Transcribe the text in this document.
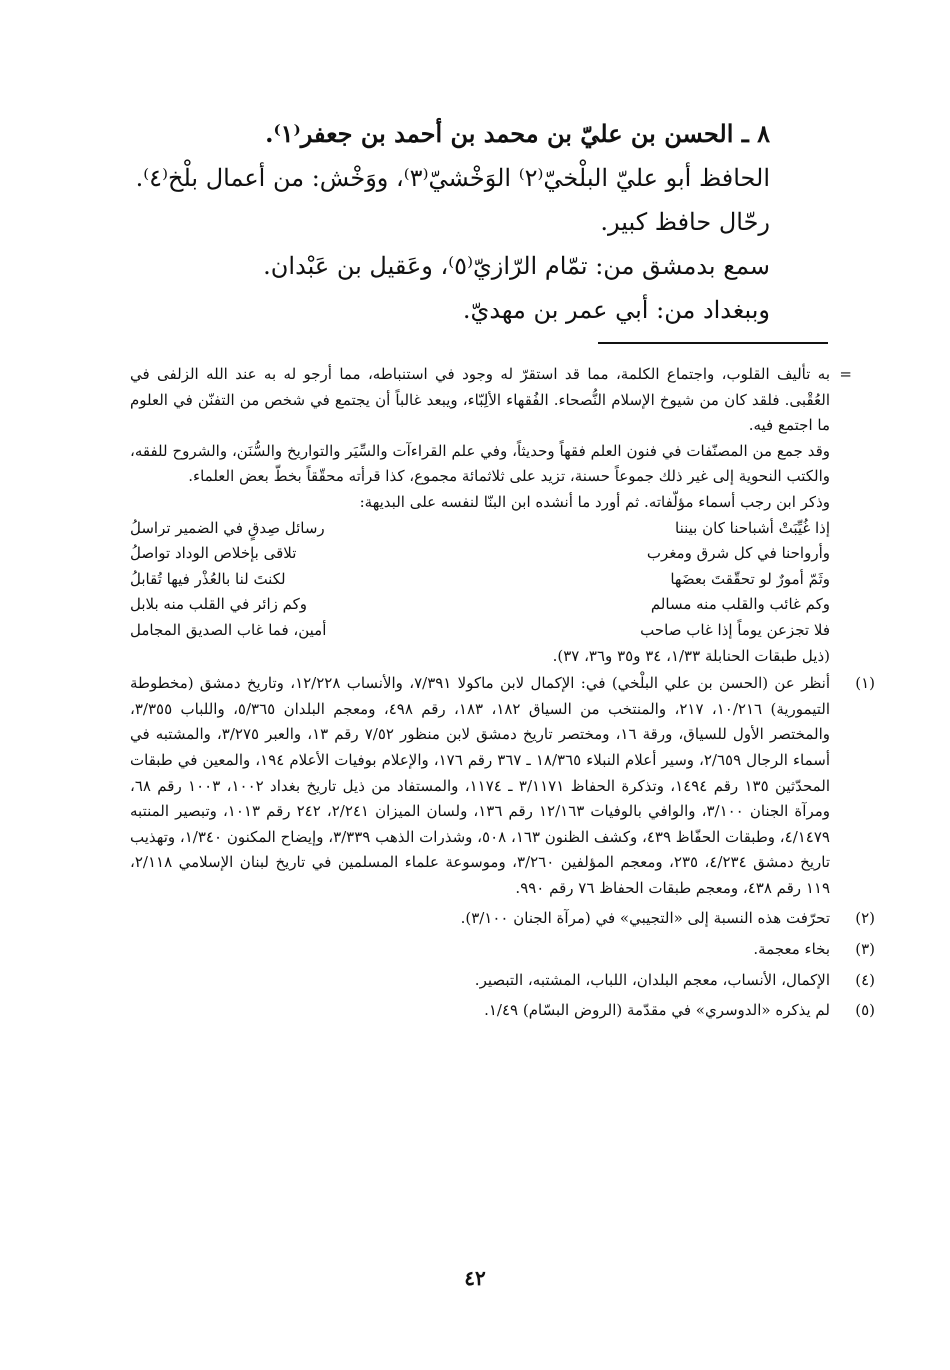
٨ ـ الحسن بن عليّ بن محمد بن أحمد بن جعفر⁽١⁾.

الحافظ أبو عليّ البلْخيّ⁽٢⁾ الوَخْشيّ⁽٣⁾، ووَخْش: من أعمال بلْخ⁽٤⁾.

رحّال حافظ كبير.

سمع بدمشق من: تمّام الرّازيّ⁽٥⁾، وعَقيل بن عَبْدان.

وببغداد من: أبي عمر بن مهديّ.

=

به تأليف القلوب، واجتماع الكلمة، مما قد استقرّ له وجود في استنباطه، مما أرجو له به عند الله الزلفى في العُقْبى. فلقد كان من شيوخ الإسلام النُّصحاء. الفُقهاء الألِبّاء، ويبعد غالباً أن يجتمع في شخص من التفنّن في العلوم ما اجتمع فيه.

وقد جمع من المصنّفات في فنون العلم فقهاً وحديثاً، وفي علم القراءآت والسِّيَر والتواريخ والسُّنَن، والشروح للفقه، والكتب النحوية إلى غير ذلك جموعاً حسنة، تزيد على ثلاثمائة مجموع، كذا قرأته محقّقاً بخطّ بعض العلماء.

وذكر ابن رجب أسماء مؤلّفاته. ثم أورد ما أنشده ابن البنّا لنفسه على البديهة:

إذا غُيِّبَتْ أشباحنا كان بيننا
رسائل صِدقٍ في الضمير تراسلُ
وأرواحنا في كل شرق ومغرب
تلاقى بإخلاص الوداد تواصلُ
وثَمّ أمورٌ لو تحقّقتَ بعضَها
لكنتَ لنا بالعُذْر فيها تُقابلُ
وكم غائب والقلب منه مسالم
وكم زائر في القلب منه بلابل
فلا تجزعن يوماً إذا غاب صاحب
أمين، فما غاب الصديق المجامل

(ذيل طبقات الحنابلة ١/٣٣، ٣٤ و٣٥ و٣٦، ٣٧).

(١)

أنظر عن (الحسن بن علي البلْخي) في: الإكمال لابن ماكولا ٧/٣٩١، والأنساب ١٢/٢٢٨، وتاريخ دمشق (مخطوطة التيمورية) ١٠/٢١٦، ٢١٧، والمنتخب من السياق ١٨٢، ١٨٣، رقم ٤٩٨، ومعجم البلدان ٥/٣٦٥، واللباب ٣/٣٥٥، والمختصر الأول للسياق، ورقة ١٦، ومختصر تاريخ دمشق لابن منظور ٧/٥٢ رقم ١٣، والعبر ٣/٢٧٥، والمشتبه في أسماء الرجال ٢/٦٥٩، وسير أعلام النبلاء ١٨/٣٦٥ ـ ٣٦٧ رقم ١٧٦، والإعلام بوفيات الأعلام ١٩٤، والمعين في طبقات المحدّثين ١٣٥ رقم ١٤٩٤، وتذكرة الحفاظ ٣/١١٧١ ـ ١١٧٤، والمستفاد من ذيل تاريخ بغداد ١٠٠٢، ١٠٠٣ رقم ٦٨، ومرآة الجنان ٣/١٠٠، والوافي بالوفيات ١٢/١٦٣ رقم ١٣٦، ولسان الميزان ٢/٢٤١، ٢٤٢ رقم ١٠١٣، وتبصير المنتبه ٤/١٤٧٩، وطبقات الحفّاظ ٤٣٩، وكشف الظنون ١٦٣، ٥٠٨، وشذرات الذهب ٣/٣٣٩، وإيضاح المكنون ١/٣٤٠، وتهذيب تاريخ دمشق ٤/٢٣٤، ٢٣٥، ومعجم المؤلفين ٣/٢٦٠، وموسوعة علماء المسلمين في تاريخ لبنان الإسلامي ٢/١١٨، ١١٩ رقم ٤٣٨، ومعجم طبقات الحفاظ ٧٦ رقم ٩٩٠.

(٢)

تحرّفت هذه النسبة إلى «التجيبي» في (مرآة الجنان ٣/١٠٠).

(٣)

بخاء معجمة.

(٤)

الإكمال، الأنساب، معجم البلدان، اللباب، المشتبه، التبصير.

(٥)

لم يذكره «الدوسري» في مقدّمة (الروض البسّام) ١/٤٩.

٤٢
